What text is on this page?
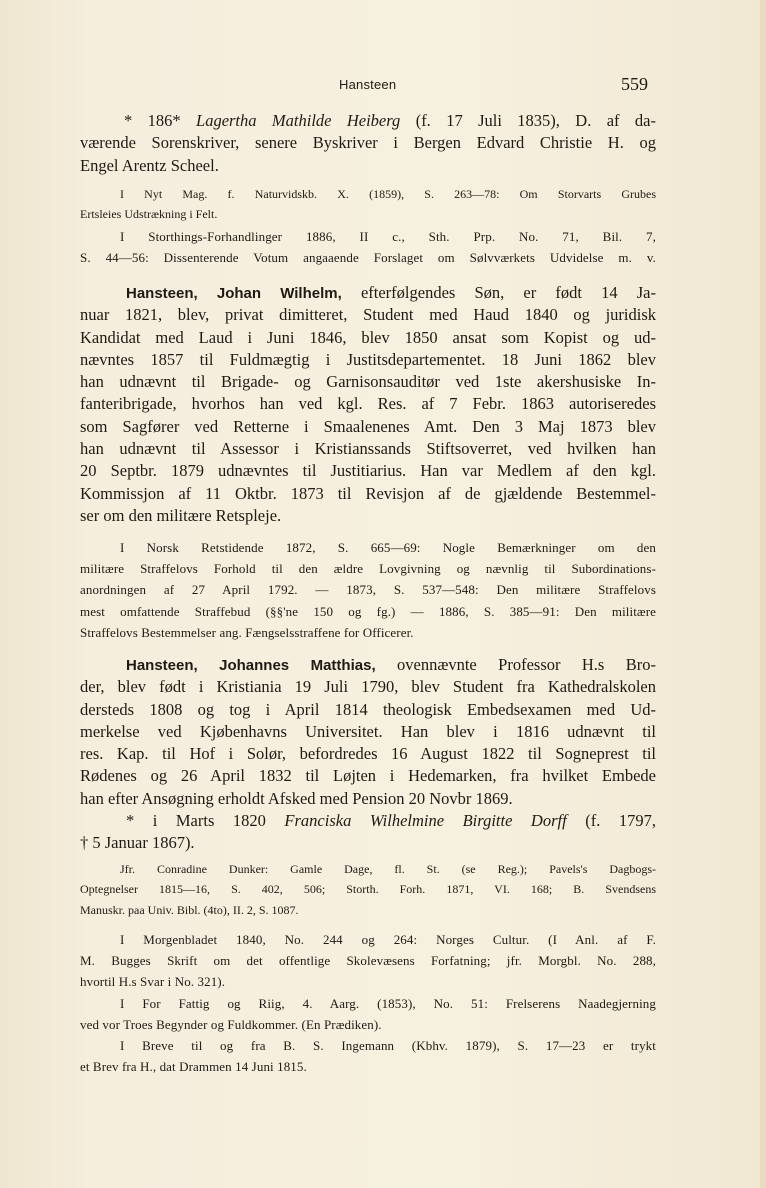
Hansteen	559
* 186* Lagertha Mathilde Heiberg (f. 17 Juli 1835), D. af da-
værende Sorenskriver, senere Byskriver i Bergen Edvard Christie H. og
Engel Arentz Scheel.
I Nyt Mag. f. Naturvidskb. X. (1859), S. 263—78: Om Storvarts Grubes
Ertsleies Udstrækning i Felt.
I Storthings-Forhandlinger 1886, II c., Sth. Prp. No. 71, Bil. 7,
S. 44—56: Dissenterende Votum angaaende Forslaget om Sølvværkets Udvidelse m. v.
Hansteen, Johan Wilhelm, efterfølgendes Søn, er født 14 Ja-
nuar 1821, blev, privat dimitteret, Student med Haud 1840 og juridisk
Kandidat med Laud i Juni 1846, blev 1850 ansat som Kopist og ud-
nævntes 1857 til Fuldmægtig i Justitsdepartementet. 18 Juni 1862 blev
han udnævnt til Brigade- og Garnisonsauditør ved 1ste akershusiske In-
fanteribrigade, hvorhos han ved kgl. Res. af 7 Febr. 1863 autoriseredes
som Sagfører ved Retterne i Smaalenenes Amt. Den 3 Maj 1873 blev
han udnævnt til Assessor i Kristianssands Stiftsoverret, ved hvilken han
20 Septbr. 1879 udnævntes til Justitiarius. Han var Medlem af den kgl.
Kommissjon af 11 Oktbr. 1873 til Revisjon af de gjældende Bestemmel-
ser om den militære Retspleje.
I Norsk Retstidende 1872, S. 665—69: Nogle Bemærkninger om den
militære Straffelovs Forhold til den ældre Lovgivning og nævnlig til Subordinations-
anordningen af 27 April 1792. — 1873, S. 537—548: Den militære Straffelovs
mest omfattende Straffebud (§§'ne 150 og fg.) — 1886, S. 385—91: Den militære
Straffelovs Bestemmelser ang. Fængselsstraffene for Officerer.
Hansteen, Johannes Matthias, ovennævnte Professor H.s Bro-
der, blev født i Kristiania 19 Juli 1790, blev Student fra Kathedralskolen
dersteds 1808 og tog i April 1814 theologisk Embedsexamen med Ud-
merkelse ved Kjøbenhavns Universitet. Han blev i 1816 udnævnt til
res. Kap. til Hof i Solør, befordredes 16 August 1822 til Sogneprest til
Rødenes og 26 April 1832 til Løjten i Hedemarken, fra hvilket Embede
han efter Ansøgning erholdt Afsked med Pension 20 Novbr 1869.
* i Marts 1820 Franciska Wilhelmine Birgitte Dorff (f. 1797,
† 5 Januar 1867).
Jfr. Conradine Dunker: Gamle Dage, fl. St. (se Reg.); Pavels's Dagbogs-
Optegnelser 1815—16, S. 402, 506; Storth. Forh. 1871, VI. 168; B. Svendsens
Manuskr. paa Univ. Bibl. (4to), II. 2, S. 1087.
I Morgenbladet 1840, No. 244 og 264: Norges Cultur. (I Anl. af F.
M. Bugges Skrift om det offentlige Skolevæsens Forfatning; jfr. Morgbl. No. 288,
hvortil H.s Svar i No. 321).
I For Fattig og Riig, 4. Aarg. (1853), No. 51: Frelserens Naadegjerning
ved vor Troes Begynder og Fuldkommer. (En Prædiken).
I Breve til og fra B. S. Ingemann (Kbhv. 1879), S. 17—23 er trykt
et Brev fra H., dat Drammen 14 Juni 1815.
